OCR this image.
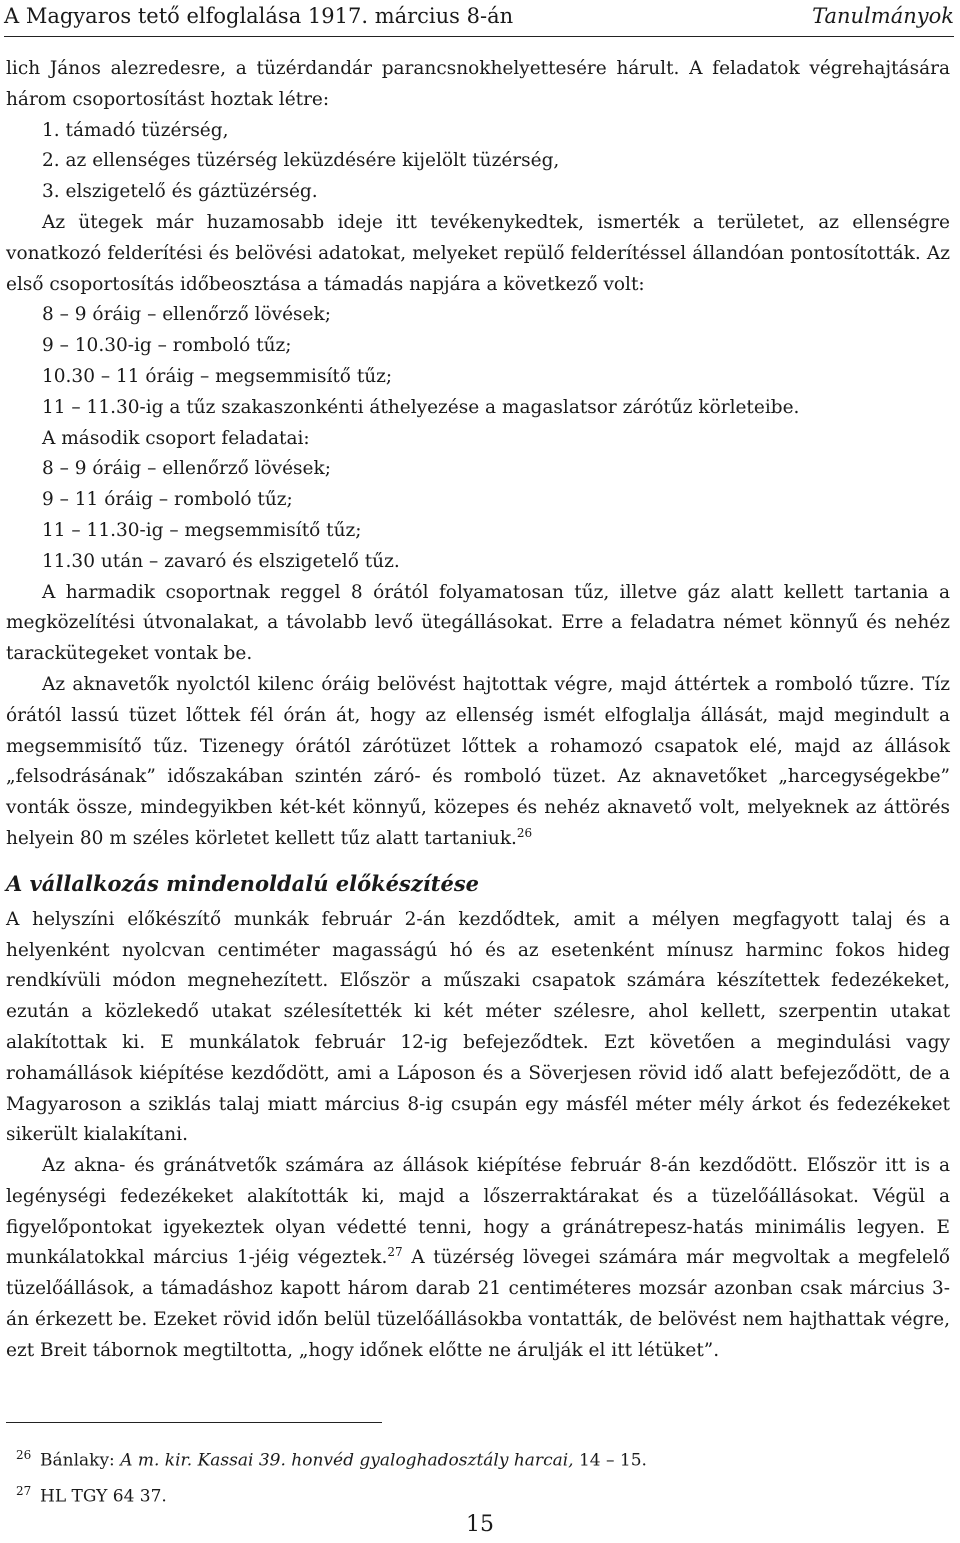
A Magyaros tető elfoglalása 1917. március 8-án	Tanulmányok

lich János alezredesre, a tüzérdandár parancsnokhelyettesére hárult. A feladatok végrehajtására három csoportosítást hoztak létre:

1. támadó tüzérség,

2. az ellenséges tüzérség leküzdésére kijelölt tüzérség,

3. elszigetelő és gáztüzérség.

Az ütegek már huzamosabb ideje itt tevékenykedtek, ismerték a területet, az ellenségre vonatkozó felderítési és belövési adatokat, melyeket repülő felderítéssel állandóan pontosították. Az első csoportosítás időbeosztása a támadás napjára a következő volt:

8 – 9 óráig – ellenőrző lövések;

9 – 10.30-ig – romboló tűz;

10.30 – 11 óráig – megsemmisítő tűz;

11 – 11.30-ig a tűz szakaszonkénti áthelyezése a magaslatsor zárótűz körleteibe.

A második csoport feladatai:

8 – 9 óráig – ellenőrző lövések;

9 – 11 óráig – romboló tűz;

11 – 11.30-ig – megsemmisítő tűz;

11.30 után – zavaró és elszigetelő tűz.

A harmadik csoportnak reggel 8 órától folyamatosan tűz, illetve gáz alatt kellett tartania a megközelítési útvonalakat, a távolabb levő ütegállásokat. Erre a feladatra német könnyű és nehéz tarackütegeket vontak be.

Az aknavetők nyolctól kilenc óráig belövést hajtottak végre, majd áttértek a romboló tűzre. Tíz órától lassú tüzet lőttek fél órán át, hogy az ellenség ismét elfoglalja állását, majd megindult a megsemmisítő tűz. Tizenegy órától zárótüzet lőttek a rohamozó csapatok elé, majd az állások „felsodrásának” időszakában szintén záró- és romboló tüzet. Az aknavetőket „harcegységekbe” vonták össze, mindegyikben két-két könnyű, közepes és nehéz aknavető volt, melyeknek az áttörés helyein 80 m széles körletet kellett tűz alatt tartaniuk.$^{26}$

A vállalkozás mindenoldalú előkészítése

A helyszíni előkészítő munkák február 2-án kezdődtek, amit a mélyen megfagyott talaj és a helyenként nyolcvan centiméter magasságú hó és az esetenként mínusz harminc fokos hideg rendkívüli módon megnehezített. Először a műszaki csapatok számára készítettek fedezékeket, ezután a közlekedő utakat szélesítették ki két méter szélesre, ahol kellett, szerpentin utakat alakítottak ki. E munkálatok február 12-ig befejeződtek. Ezt követően a megindulási vagy rohamállások kiépítése kezdődött, ami a Láposon és a Söverjesen rövid idő alatt befejeződött, de a Magyaroson a sziklás talaj miatt március 8-ig csupán egy másfél méter mély árkot és fedezékeket sikerült kialakítani.

Az akna- és gránátvetők számára az állások kiépítése február 8-án kezdődött. Először itt is a legénységi fedezékeket alakították ki, majd a lőszerraktárakat és a tüzelőállásokat. Végül a figyelőpontokat igyekeztek olyan védetté tenni, hogy a gránátrepesz-hatás minimális legyen. E munkálatokkal március 1-jéig végeztek.$^{27}$ A tüzérség lövegei számára már megvoltak a megfelelő tüzelőállások, a támadáshoz kapott három darab 21 centiméteres mozsár azonban csak március 3-án érkezett be. Ezeket rövid időn belül tüzelőállásokba vontatták, de belövést nem hajthattak végre, ezt Breit tábornok megtiltotta, „hogy időnek előtte ne árulják el itt létüket”.

26 Bánlaky: A m. kir. Kassai 39. honvéd gyaloghadosztály harcai, 14 – 15.

27 HL TGY 64 37.

15
